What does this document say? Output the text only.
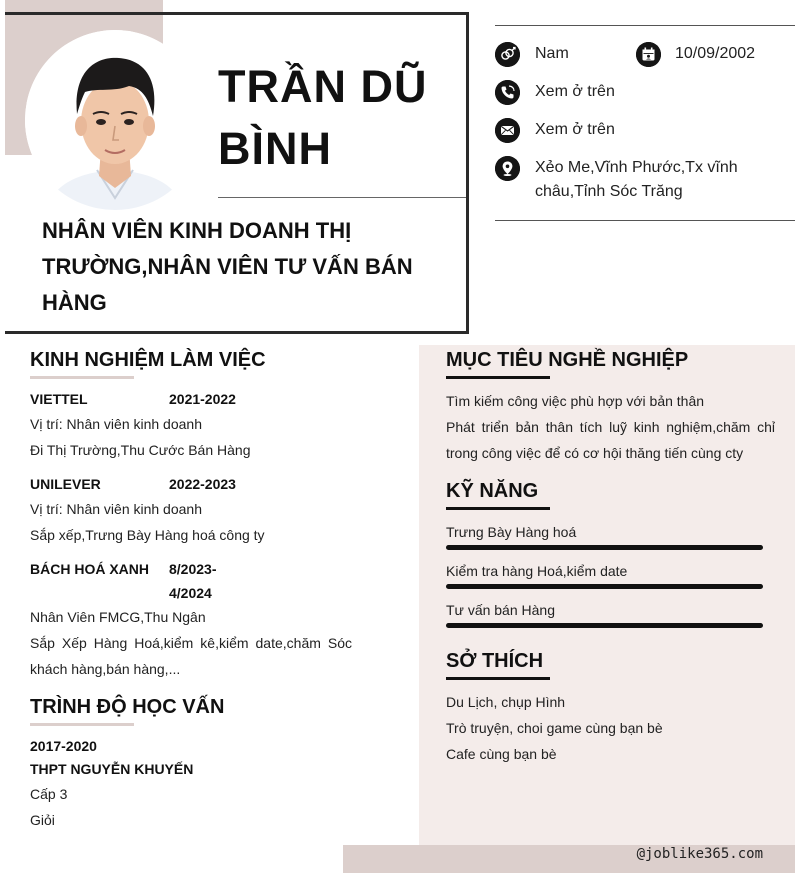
@joblike365.com
TRẦN DŨ BÌNH
NHÂN VIÊN KINH DOANH THỊ TRƯỜNG,NHÂN VIÊN TƯ VẤN BÁN HÀNG
Nam	10/09/2002
Xem ở trên
Xem ở trên
Xẻo Me,Vĩnh Phước,Tx vĩnh châu,Tỉnh Sóc Trăng
KINH NGHIỆM LÀM VIỆC
VIETTEL	2021-2022
Vị trí: Nhân viên kinh doanh
Đi Thị Trường,Thu Cước Bán Hàng
UNILEVER	2022-2023
Vị trí: Nhân viên kinh doanh
Sắp xếp,Trưng Bày Hàng hoá công ty
BÁCH HOÁ XANH 8/2023-4/2024
Nhân Viên FMCG,Thu Ngân
Sắp Xếp Hàng Hoá,kiểm kê,kiểm date,chăm Sóc khách hàng,bán hàng,...
TRÌNH ĐỘ HỌC VẤN
2017-2020
THPT NGUYỄN KHUYẾN
Cấp 3
Giỏi
MỤC TIÊU NGHỀ NGHIỆP
Tìm kiếm công việc phù hợp với bản thân
Phát triển bản thân tích luỹ kinh nghiệm,chăm chỉ trong công việc để có cơ hội thăng tiến cùng cty
KỸ NĂNG
Trưng Bày Hàng hoá
Kiểm tra hàng Hoá,kiểm date
Tư vấn bán Hàng
SỞ THÍCH
Du Lịch, chụp Hình
Trò truyện, choi game cùng bạn bè
Cafe cùng bạn bè
